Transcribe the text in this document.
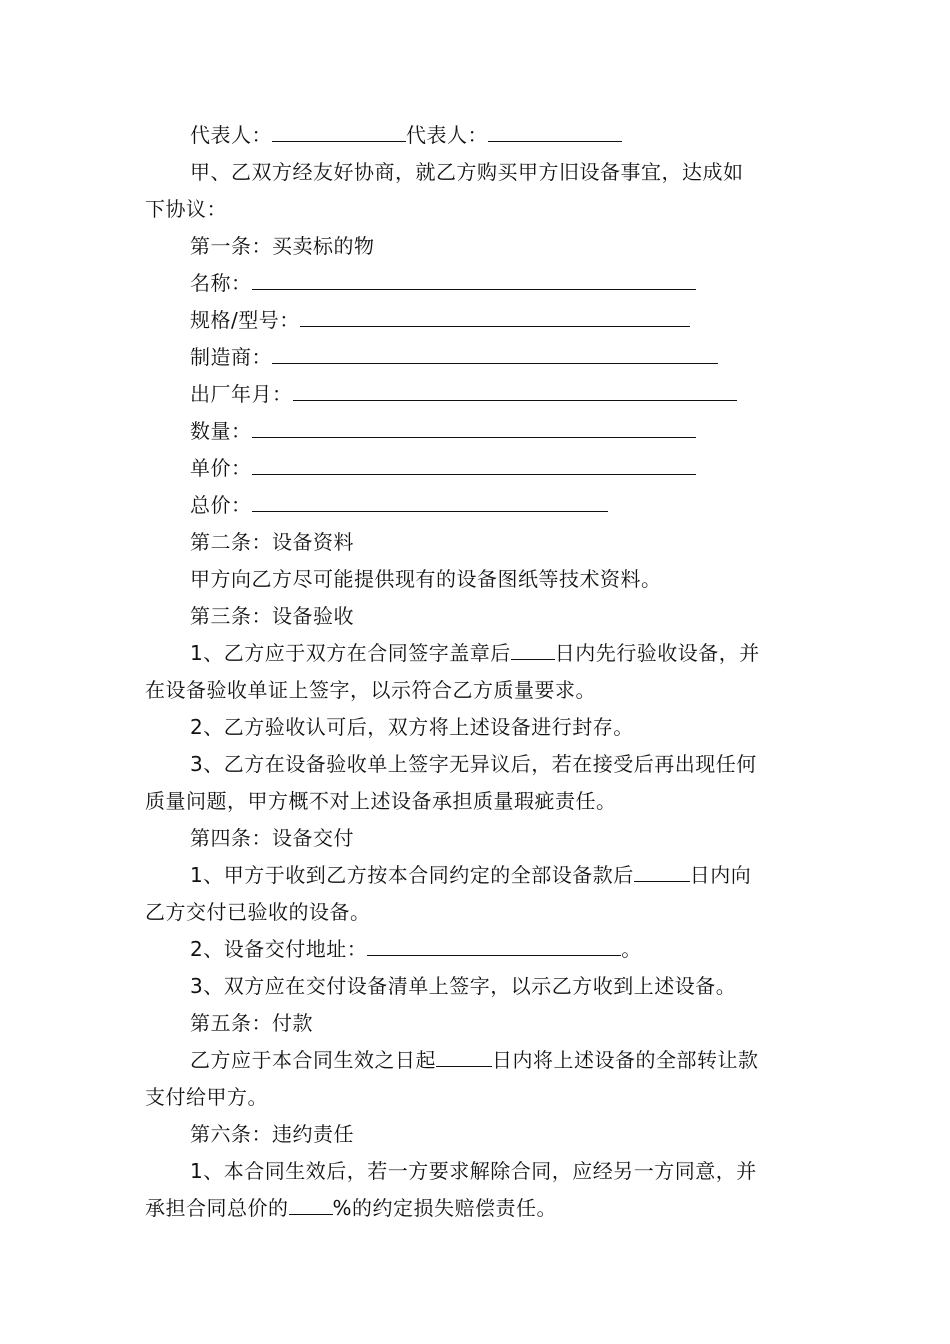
代表人：	代表人：
甲、乙双方经友好协商，就乙方购买甲方旧设备事宜，达成如
下协议：
第一条：买卖标的物
名称：
规格/型号：
制造商：
出厂年月：
数量：
单价：
总价：
第二条：设备资料
甲方向乙方尽可能提供现有的设备图纸等技术资料。
第三条：设备验收
1、乙方应于双方在合同签字盖章后 日内先行验收设备，并
在设备验收单证上签字，以示符合乙方质量要求。
2、乙方验收认可后，双方将上述设备进行封存。
3、乙方在设备验收单上签字无异议后，若在接受后再出现任何
质量问题，甲方概不对上述设备承担质量瑕疵责任。
第四条：设备交付
1、甲方于收到乙方按本合同约定的全部设备款后	日内向
乙方交付已验收的设备。
2、设备交付地址：	。
3、双方应在交付设备清单上签字，以示乙方收到上述设备。
第五条：付款
乙方应于本合同生效之日起	日内将上述设备的全部转让款
支付给甲方。
第六条：违约责任
1、本合同生效后，若一方要求解除合同，应经另一方同意，并
承担合同总价的 %的约定损失赔偿责任。
